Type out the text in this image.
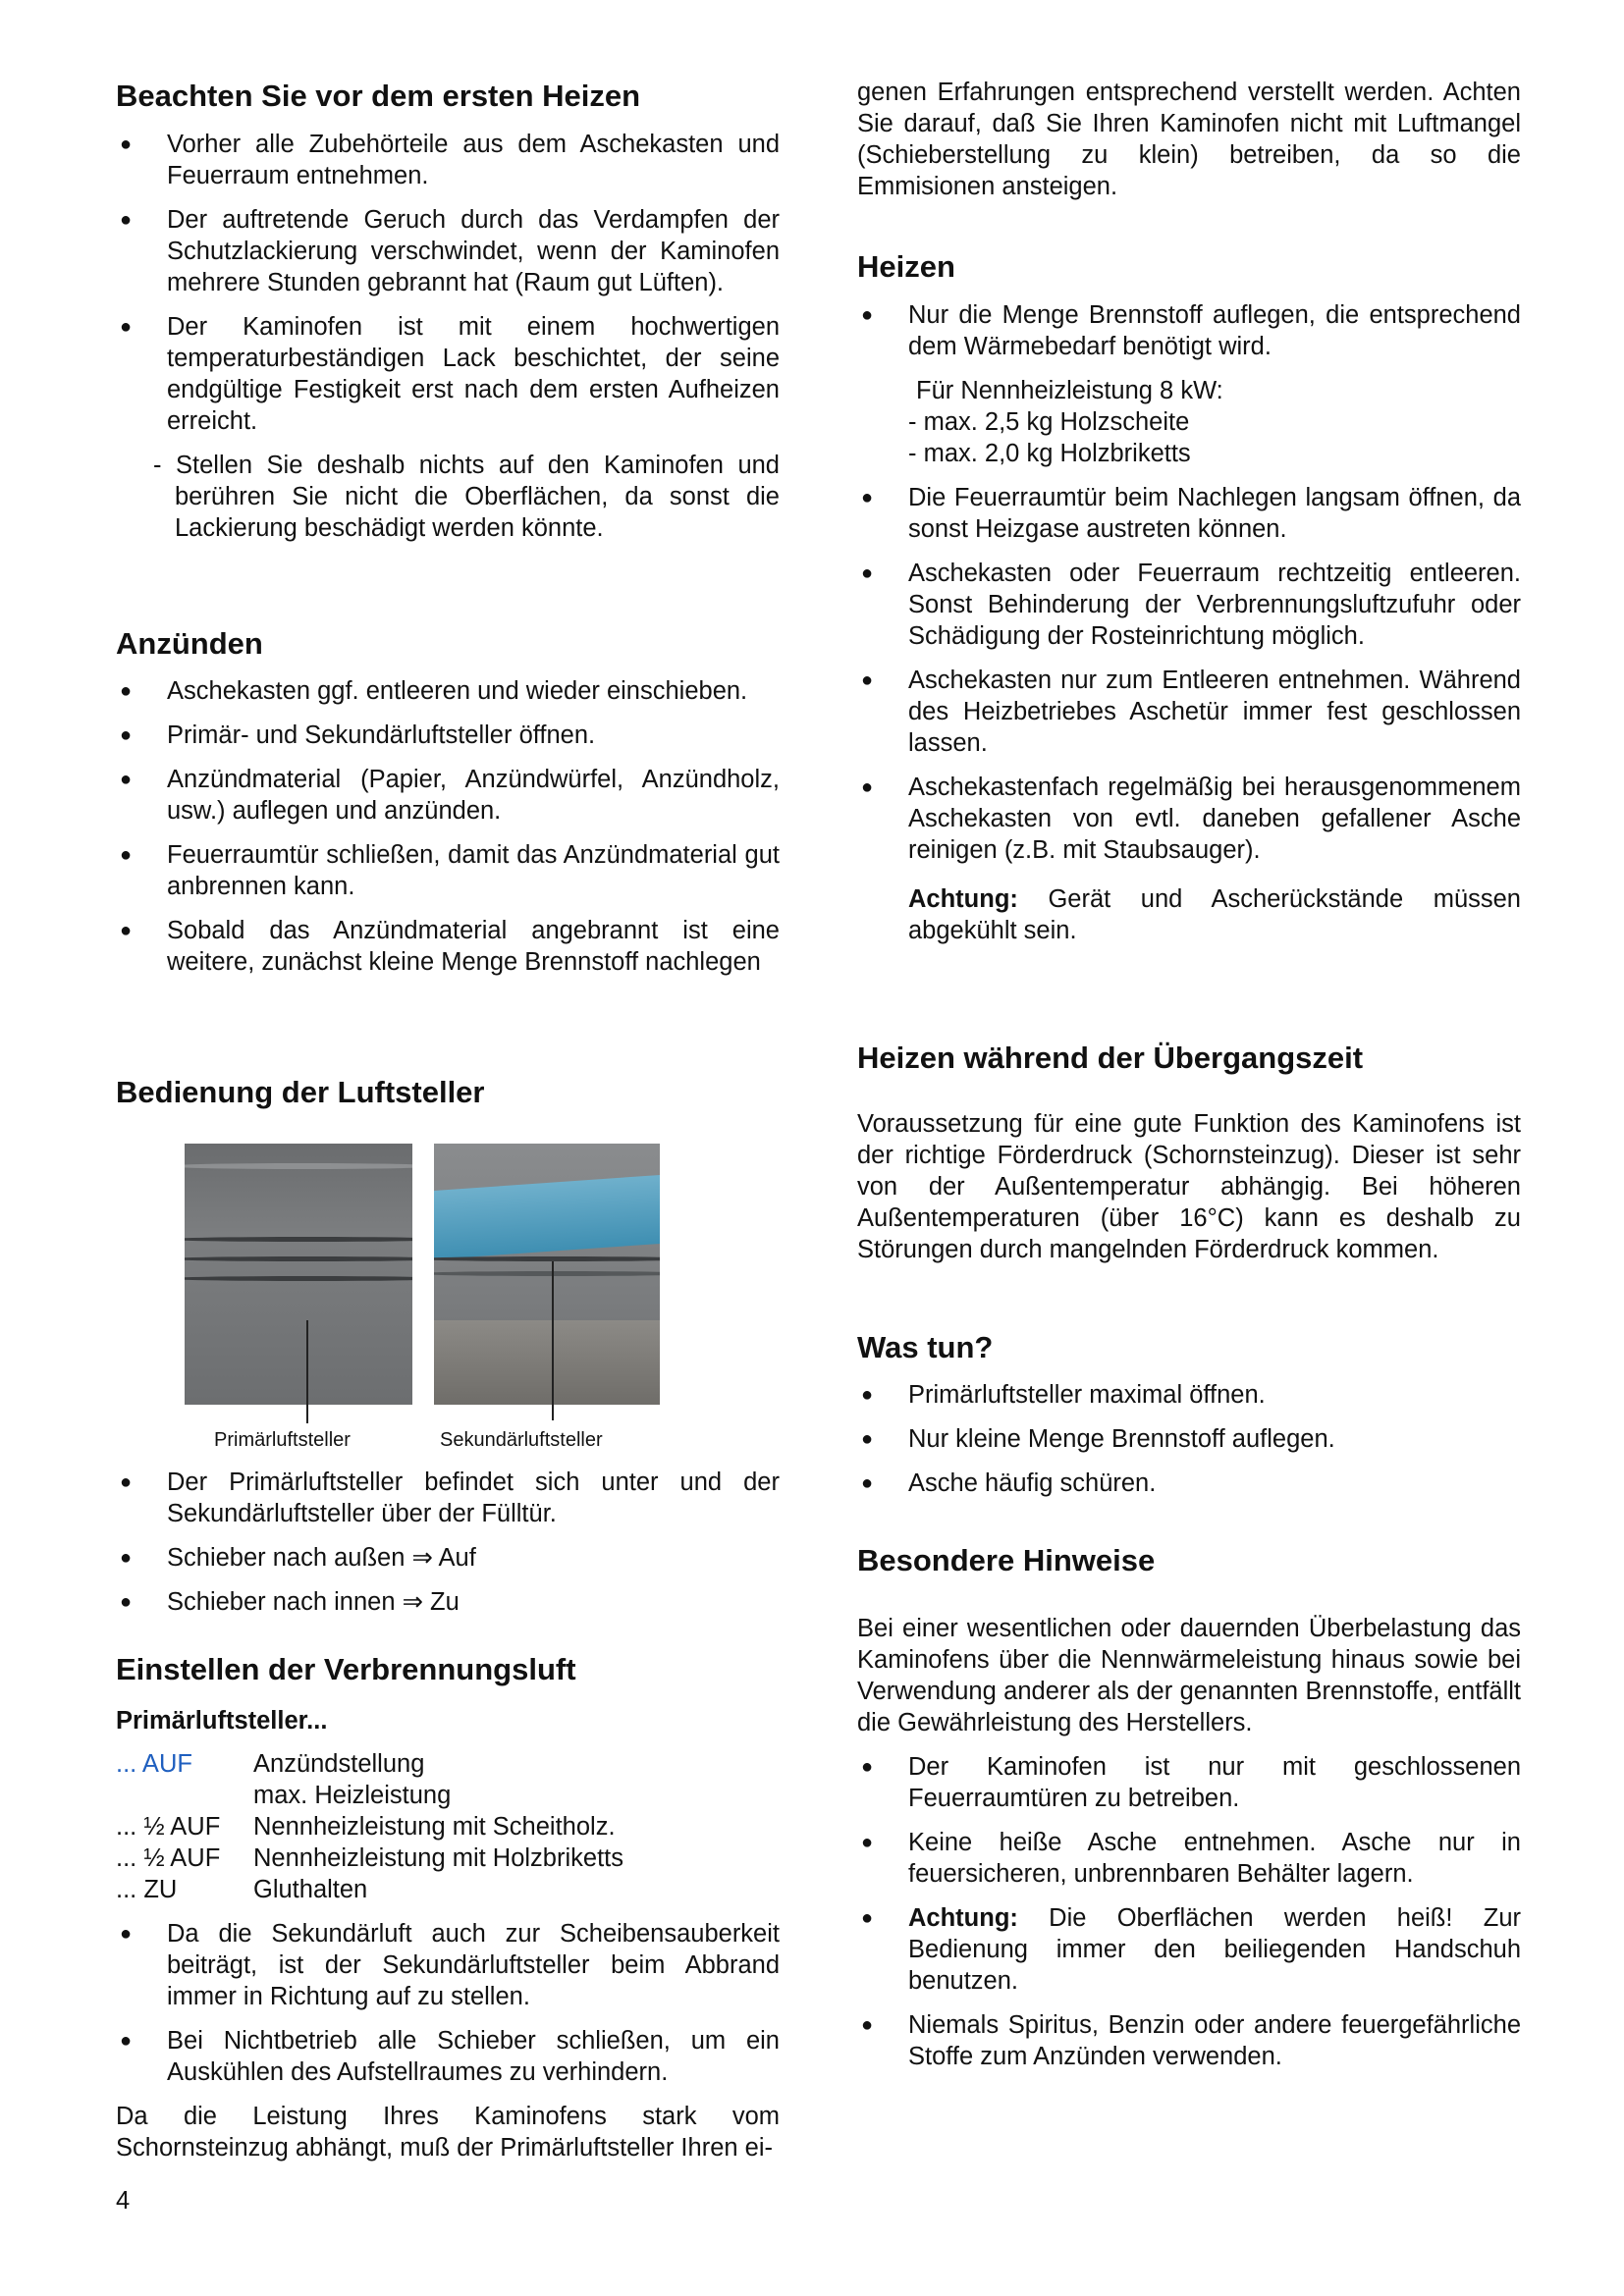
Beachten Sie vor dem ersten Heizen
● Vorher alle Zubehörteile aus dem Aschekasten und Feuerraum entnehmen.
● Der auftretende Geruch durch das Verdampfen der Schutzlackierung verschwindet, wenn der Kaminofen mehrere Stunden gebrannt hat (Raum gut Lüften).
● Der Kaminofen ist mit einem hochwertigen temperaturbeständigen Lack beschichtet, der seine endgültige Festigkeit erst nach dem ersten Aufheizen erreicht.

- Stellen Sie deshalb nichts auf den Kaminofen und berühren Sie nicht die Oberflächen, da sonst die Lackierung beschädigt werden könnte.

Anzünden
● Aschekasten ggf. entleeren und wieder einschieben.
● Primär- und Sekundärluftsteller öffnen.
● Anzündmaterial (Papier, Anzündwürfel, Anzündholz, usw.) auflegen und anzünden.
● Feuerraumtür schließen, damit das Anzündmaterial gut anbrennen kann.
● Sobald das Anzündmaterial angebrannt ist eine weitere, zunächst kleine Menge Brennstoff nachlegen
Bedienung der Luftsteller
Primärluftsteller	Sekundärluftsteller
● Der Primärluftsteller befindet sich unter und der Sekundärluftsteller über der Fülltür.
● Schieber nach außen ⇒ Auf
● Schieber nach innen ⇒ Zu
Einstellen der Verbrennungsluft
Primärluftsteller...
... AUF	Anzündstellung
max. Heizleistung
... ½ AUF	Nennheizleistung mit Scheitholz.
... ½ AUF	Nennheizleistung mit Holzbriketts
... ZU	Gluthalten
● Da die Sekundärluft auch zur Scheibensauberkeit beiträgt, ist der Sekundärluftsteller beim Abbrand immer in Richtung auf zu stellen.
● Bei Nichtbetrieb alle Schieber schließen, um ein Auskühlen des Aufstellraumes zu verhindern.

Da die Leistung Ihres Kaminofens stark vom Schornsteinzug abhängt, muß der Primärluftsteller Ihren ei-

4

genen Erfahrungen entsprechend verstellt werden. Achten Sie darauf, daß Sie Ihren Kaminofen nicht mit Luftmangel (Schieberstellung zu klein) betreiben, da so die Emmisionen ansteigen.

Heizen
● Nur die Menge Brennstoff auflegen, die entsprechend dem Wärmebedarf benötigt wird.
Für Nennheizleistung 8 kW:
- max. 2,5 kg Holzscheite
- max. 2,0 kg Holzbriketts
● Die Feuerraumtür beim Nachlegen langsam öffnen, da sonst Heizgase austreten können.
● Aschekasten oder Feuerraum rechtzeitig entleeren. Sonst Behinderung der Verbrennungsluftzufuhr oder Schädigung der Rosteinrichtung möglich.
● Aschekasten nur zum Entleeren entnehmen. Während des Heizbetriebes Aschetür immer fest geschlossen lassen.
● Aschekastenfach regelmäßig bei herausgenommenem Aschekasten von evtl. daneben gefallener Asche reinigen (z.B. mit Staubsauger).

Achtung: Gerät und Ascherückstände müssen abgekühlt sein.

Heizen während der Übergangszeit

Voraussetzung für eine gute Funktion des Kaminofens ist der richtige Förderdruck (Schornsteinzug). Dieser ist sehr von der Außentemperatur abhängig. Bei höheren Außentemperaturen (über 16°C) kann es deshalb zu Störungen durch mangelnden Förderdruck kommen.

Was tun?
● Primärluftsteller maximal öffnen.
● Nur kleine Menge Brennstoff auflegen.
● Asche häufig schüren.
Besondere Hinweise

Bei einer wesentlichen oder dauernden Überbelastung das Kaminofens über die Nennwärmeleistung hinaus sowie bei Verwendung anderer als der genannten Brennstoffe, entfällt die Gewährleistung des Herstellers.

● Der Kaminofen ist nur mit geschlossenen Feuerraumtüren zu betreiben.
● Keine heiße Asche entnehmen. Asche nur in feuersicheren, unbrennbaren Behälter lagern.
● Achtung: Die Oberflächen werden heiß! Zur Bedienung immer den beiliegenden Handschuh benutzen.
● Niemals Spiritus, Benzin oder andere feuergefährliche Stoffe zum Anzünden verwenden.
